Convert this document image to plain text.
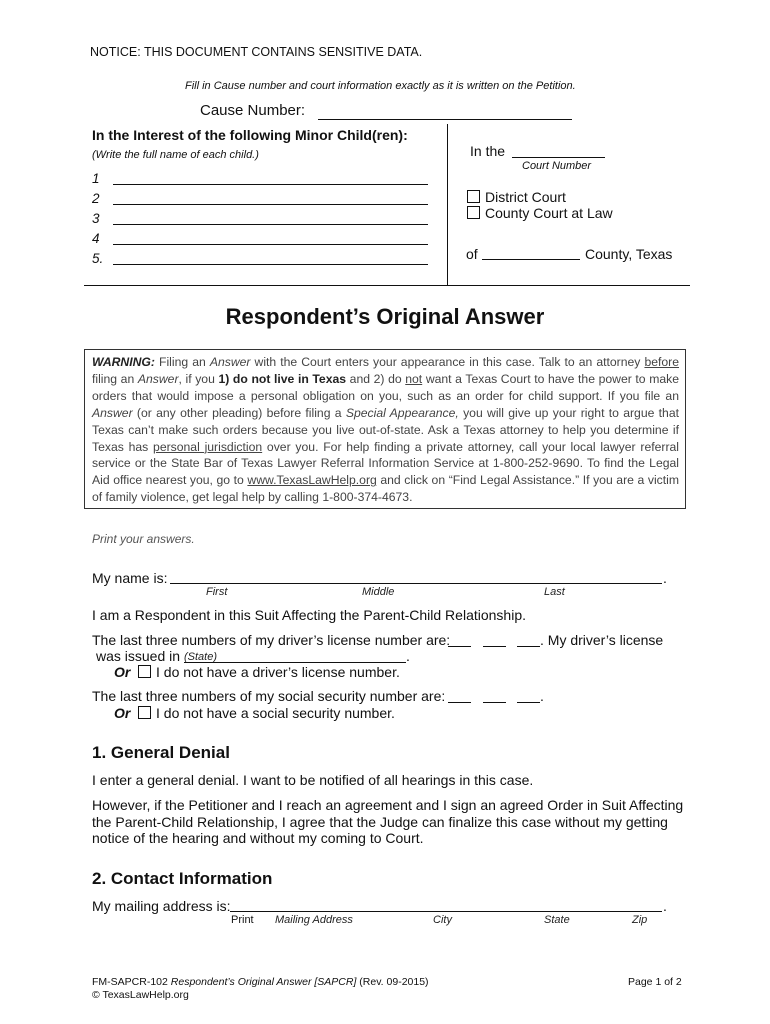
NOTICE: THIS DOCUMENT CONTAINS SENSITIVE DATA.
Fill in Cause number and court information exactly as it is written on the Petition.
Cause Number:
In the Interest of the following Minor Child(ren):
(Write the full name of each child.)
1
2
3
4
5.
In the
Court Number
District Court
County Court at Law
of	County, Texas
Respondent’s Original Answer
WARNING: Filing an Answer with the Court enters your appearance in this case. Talk to an attorney before filing an Answer, if you 1) do not live in Texas and 2) do not want a Texas Court to have the power to make orders that would impose a personal obligation on you, such as an order for child support. If you file an Answer (or any other pleading) before filing a Special Appearance, you will give up your right to argue that Texas can’t make such orders because you live out-of-state. Ask a Texas attorney to help you determine if Texas has personal jurisdiction over you. For help finding a private attorney, call your local lawyer referral service or the State Bar of Texas Lawyer Referral Information Service at 1-800-252-9690. To find the Legal Aid office nearest you, go to www.TexasLawHelp.org and click on “Find Legal Assistance.” If you are a victim of family violence, get legal help by calling 1-800-374-4673.
Print your answers.
My name is:	.
First	Middle	Last
I am a Respondent in this Suit Affecting the Parent-Child Relationship.
The last three numbers of my driver’s license number are:	. My driver’s license
was issued in (State)	.
Or I do not have a driver’s license number.
The last three numbers of my social security number are:	.
Or I do not have a social security number.
1. General Denial
I enter a general denial. I want to be notified of all hearings in this case.
However, if the Petitioner and I reach an agreement and I sign an agreed Order in Suit Affecting the Parent-Child Relationship, I agree that the Judge can finalize this case without my getting notice of the hearing and without my coming to Court.
2. Contact Information
My mailing address is:	.
Print Mailing Address	City	State	Zip
FM-SAPCR-102 Respondent’s Original Answer [SAPCR] (Rev. 09-2015)
© TexasLawHelp.org
Page 1 of 2
